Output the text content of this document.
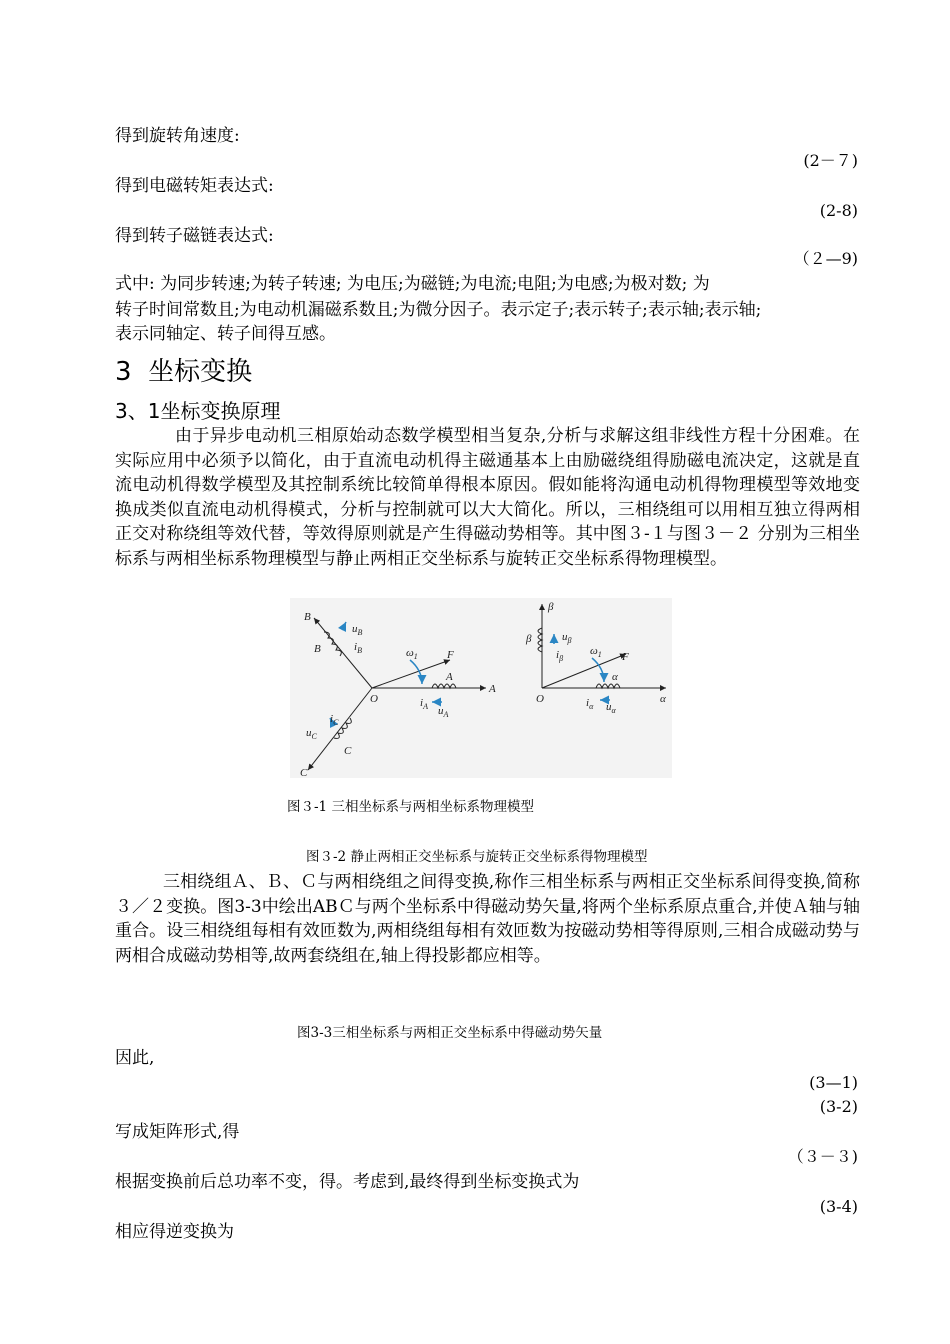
得到旋转角速度:
(2－７)
得到电磁转矩表达式:
(2-8)
得到转子磁链表达式:
（２—9)
式中: 为同步转速;为转子转速; 为电压;为磁链;为电流;电阻;为电感;为极对数; 为
转子时间常数且;为电动机漏磁系数且;为微分因子。表示定子;表示转子;表示轴;表示轴;
表示同轴定、转子间得互感。
3 坐标变换
3、1坐标变换原理
由于异步电动机三相原始动态数学模型相当复杂,分析与求解这组非线性方程十分困难。在实际应用中必须予以简化，由于直流电动机得主磁通基本上由励磁绕组得励磁电流决定，这就是直流电动机得数学模型及其控制系统比较简单得根本原因。假如能将沟通电动机得物理模型等效地变换成类似直流电动机得模式，分析与控制就可以大大简化。所以，三相绕组可以用相互独立得两相正交对称绕组等效代替，等效得原则就是产生得磁动势相等。其中图３-１与图３－２ 分别为三相坐标系与两相坐标系物理模型与静止两相正交坐标系与旋转正交坐标系得物理模型。
A
B
C
O
F
$\omega_1$
A
B
C
$i_A$ $u_A$
$u_B$
$i_B$
$i_C$
$u_C$
α
β
O
F
$\omega_1$
α
β
$i_\alpha$ $u_\alpha$
$u_\beta$
$i_\beta$
图３-1 三相坐标系与两相坐标系物理模型
图３-2 静止两相正交坐标系与旋转正交坐标系得物理模型
三相绕组Ａ、Ｂ、Ｃ与两相绕组之间得变换,称作三相坐标系与两相正交坐标系间得变换,简称３／２变换。图3-3中绘出ABＣ与两个坐标系中得磁动势矢量,将两个坐标系原点重合,并使Ａ轴与轴重合。设三相绕组每相有效匝数为,两相绕组每相有效匝数为按磁动势相等得原则,三相合成磁动势与两相合成磁动势相等,故两套绕组在,轴上得投影都应相等。
图3-3三相坐标系与两相正交坐标系中得磁动势矢量
因此,
(3—1)
(3-2)
写成矩阵形式,得
（３－３)
根据变换前后总功率不变，得。考虑到,最终得到坐标变换式为
(3-4)
相应得逆变换为
